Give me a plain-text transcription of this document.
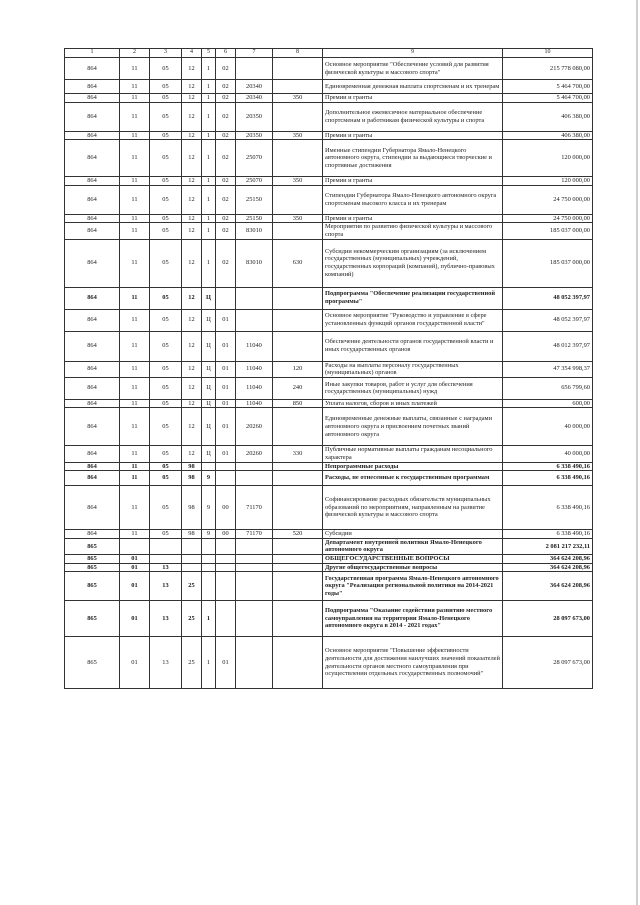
1	2	3	4	5	6	7	8	9	10
864	11	05	12	1	02			Основное мероприятие "Обеспечение условий для развития физической культуры и массового спорта"	215 778 080,00
864	11	05	12	1	02	20340		Единовременная денежная выплата спортсменам и их тренерам	5 464 700,00
864	11	05	12	1	02	20340	350	Премии и гранты	5 464 700,00
864	11	05	12	1	02	20350		Дополнительное ежемесячное материальное обеспечение спортсменам и работникам физической культуры и спорта	406 380,00
864	11	05	12	1	02	20350	350	Премии и гранты	406 380,00
864	11	05	12	1	02	25070		Именные стипендии Губернатора Ямало-Ненецкого автономного округа, стипендии за выдающиеся творческие и спортивные достижения	120 000,00
864	11	05	12	1	02	25070	350	Премии и гранты	120 000,00
864	11	05	12	1	02	25150		Стипендии Губернатора Ямало-Ненецкого автономного округа спортсменам высокого класса и их тренерам	24 750 000,00
864	11	05	12	1	02	25150	350	Премии и гранты	24 750 000,00
864	11	05	12	1	02	83010		Мероприятия по развитию физической культуры и массового спорта	185 037 000,00
864	11	05	12	1	02	83010	630	Субсидии некоммерческим организациям (за исключением государственных (муниципальных) учреждений, государственных корпораций (компаний), публично-правовых компаний)	185 037 000,00
864	11	05	12	Ц				Подпрограмма "Обеспечение реализации государственной программы"	48 052 397,97
864	11	05	12	Ц	01			Основное мероприятие "Руководство и управление в сфере установленных функций органов государственной власти"	48 052 397,97
864	11	05	12	Ц	01	11040		Обеспечение деятельности органов государственной власти и иных государственных органов	48 012 397,97
864	11	05	12	Ц	01	11040	120	Расходы на выплаты персоналу государственных (муниципальных) органов	47 354 998,37
864	11	05	12	Ц	01	11040	240	Иные закупки товаров, работ и услуг для обеспечения государственных (муниципальных) нужд	656 799,60
864	11	05	12	Ц	01	11040	850	Уплата налогов, сборов и иных платежей	600,00
864	11	05	12	Ц	01	20260		Единовременные денежные выплаты, связанные с наградами автономного округа и присвоением почетных званий автономного округа	40 000,00
864	11	05	12	Ц	01	20260	330	Публичные нормативные выплаты гражданам несоциального характера	40 000,00
864	11	05	98					Непрограммные расходы	6 338 490,16
864	11	05	98	9				Расходы, не отнесенные к государственным программам	6 338 490,16
864	11	05	98	9	00	71170		Софинансирование расходных обязательств муниципальных образований по мероприятиям, направленным на развитие физической культуры и массового спорта	6 338 490,16
864	11	05	98	9	00	71170	520	Субсидии	6 338 490,16
865								Департамент внутренней политики Ямало-Ненецкого автономного округа	2 081 217 232,11
865	01							ОБЩЕГОСУДАРСТВЕННЫЕ ВОПРОСЫ	364 624 208,96
865	01	13						Другие общегосударственные вопросы	364 624 208,96
865	01	13	25					Государственная программа Ямало-Ненецкого автономного округа "Реализация региональной политики на 2014-2021 годы"	364 624 208,96
865	01	13	25	1				Подпрограмма "Оказание содействия развитию местного самоуправления на территории Ямало-Ненецкого автономного округа в 2014 - 2021 годах"	28 097 673,00
865	01	13	25	1	01			Основное мероприятие "Повышение эффективности деятельности для достижения наилучших значений показателей деятельности органов местного самоуправления при осуществлении отдельных государственных полномочий"	28 097 673,00
